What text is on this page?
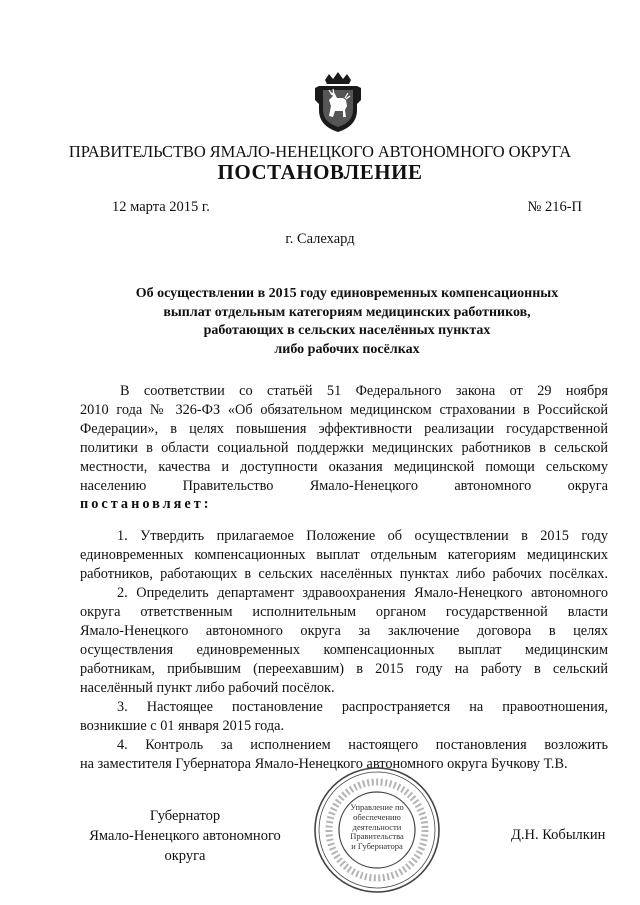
ПРАВИТЕЛЬСТВО ЯМАЛО-НЕНЕЦКОГО АВТОНОМНОГО ОКРУГА
ПОСТАНОВЛЕНИЕ
12 марта 2015 г.	№ 216-П
г. Салехард
Об осуществлении в 2015 году единовременных компенсационных
выплат отдельным категориям медицинских работников,
работающих в сельских населённых пунктах
либо рабочих посёлках
В соответствии со статьёй 51 Федерального закона от 29 ноября
2010 года № 326-ФЗ «Об обязательном медицинском страховании в Российской
Федерации», в целях повышения эффективности реализации государственной
политики в области социальной поддержки медицинских работников в сельской
местности, качества и доступности оказания медицинской помощи сельскому
населению Правительство Ямало-Ненецкого автономного округа
постановляет:
1. Утвердить прилагаемое Положение об осуществлении в 2015 году
единовременных компенсационных выплат отдельным категориям медицинских
работников, работающих в сельских населённых пунктах либо рабочих посёлках.
2. Определить департамент здравоохранения Ямало-Ненецкого автономного
округа ответственным исполнительным органом государственной власти
Ямало-Ненецкого автономного округа за заключение договора в целях
осуществления единовременных компенсационных выплат медицинским
работникам, прибывшим (переехавшим) в 2015 году на работу в сельский
населённый пункт либо рабочий посёлок.
3. Настоящее постановление распространяется на правоотношения,
возникшие с 01 января 2015 года.
4. Контроль за исполнением настоящего постановления возложить
на заместителя Губернатора Ямало-Ненецкого автономного округа Бучкову Т.В.
Губернатор
Ямало-Ненецкого автономного округа
Д.Н. Кобылкин
Управление по
обеспечению
деятельности
Правительства
и Губернатора
